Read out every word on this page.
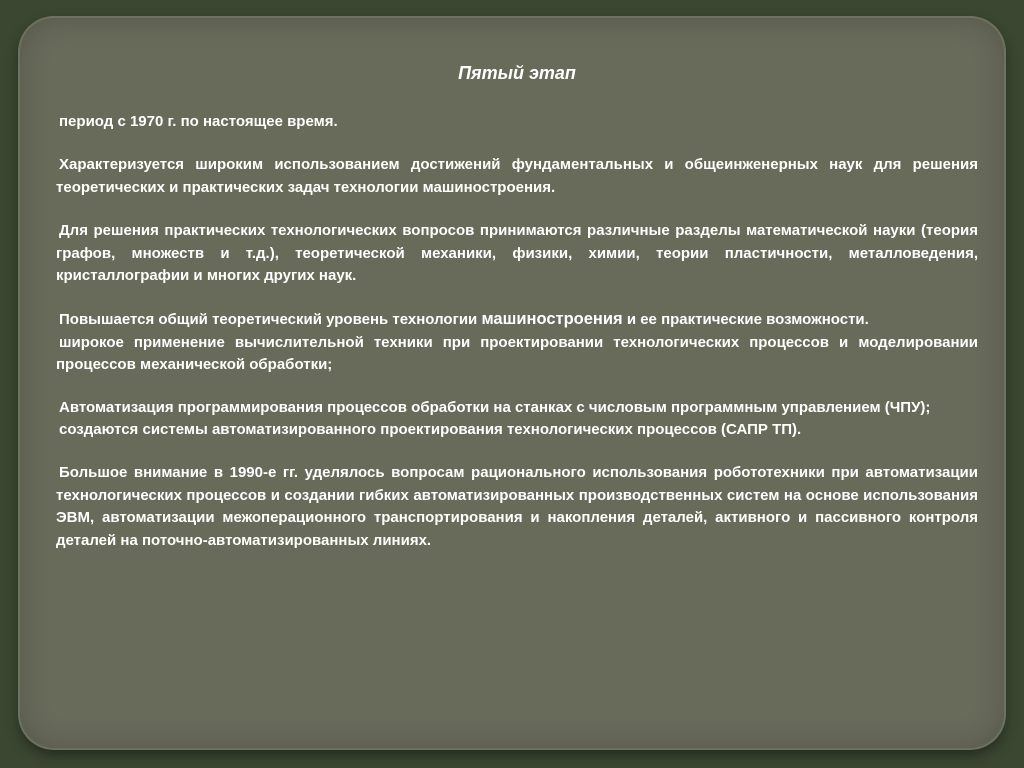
Пятый этап

период с 1970 г. по настоящее время.

Характеризуется широким использованием достижений фундаментальных и общеинженерных наук для решения теоретических и практических задач технологии машиностроения.

Для решения практических технологических вопросов принимаются различные разделы математической науки (теория графов, множеств и т.д.), теоретической механики, физики, химии, теории пластичности, металловедения, кристаллографии и многих других наук.

Повышается общий теоретический уровень технологии машиностроения и ее практические возможности.

широкое применение вычислительной техники при проектировании технологических процессов и моделировании процессов механической обработки;

Автоматизация программирования процессов обработки на станках с числовым программным управлением (ЧПУ);

создаются системы автоматизированного проектирования технологических процессов (САПР ТП).

Большое внимание в 1990-е гг. уделялось вопросам рационального использования робототехники при автоматизации технологических процессов и создании гибких автоматизированных производственных систем на основе использования ЭВМ, автоматизации межоперационного транспортирования и накопления деталей, активного и пассивного контроля деталей на поточно-автоматизированных линиях.
